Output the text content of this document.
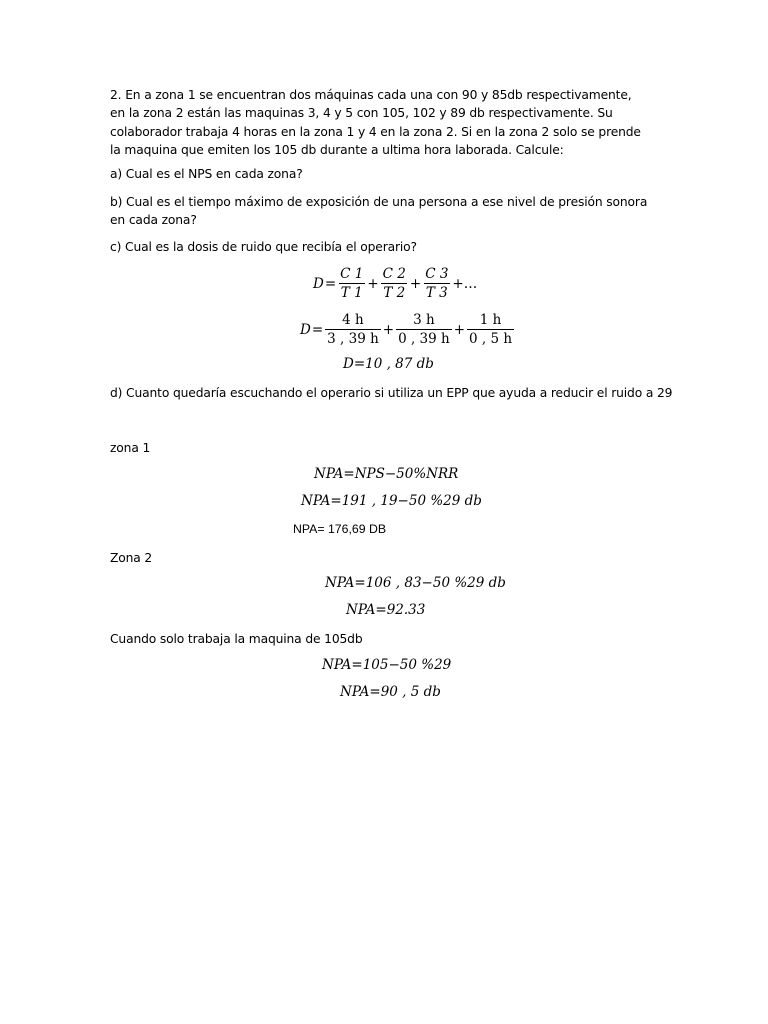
2. En a zona 1 se encuentran dos máquinas cada una con 90 y 85db respectivamente, en la zona 2 están las maquinas 3, 4 y 5 con 105, 102 y 89 db respectivamente. Su colaborador trabaja 4 horas en la zona 1 y 4 en la zona 2. Si en la zona 2 solo se prende la maquina que emiten los 105 db durante a ultima hora laborada. Calcule:

a) Cual es el NPS en cada zona?

b) Cual es el tiempo máximo de exposición de una persona a ese nivel de presión sonora en cada zona?

c) Cual es la dosis de ruido que recibía el operario?
$D = \frac{C 1}{T 1} + \frac{C 2}{T 2} + \frac{C 3}{T 3}$ +…
$D = \frac{4 h}{3 , 39 h} + \frac{3 h}{0 , 39 h} + \frac{1 h}{0 , 5 h}$
D=10 , 87 db
d) Cuanto quedaría escuchando el operario si utiliza un EPP que ayuda a reducir el ruido a 29
zona 1
NPA=NPS−50%NRR
NPA=191 , 19−50 %29 db
NPA= 176,69 DB
Zona 2
NPA=106 , 83−50 %29 db
NPA=92.33
Cuando solo trabaja la maquina de 105db
NPA=105−50 %29
NPA=90 , 5 db
